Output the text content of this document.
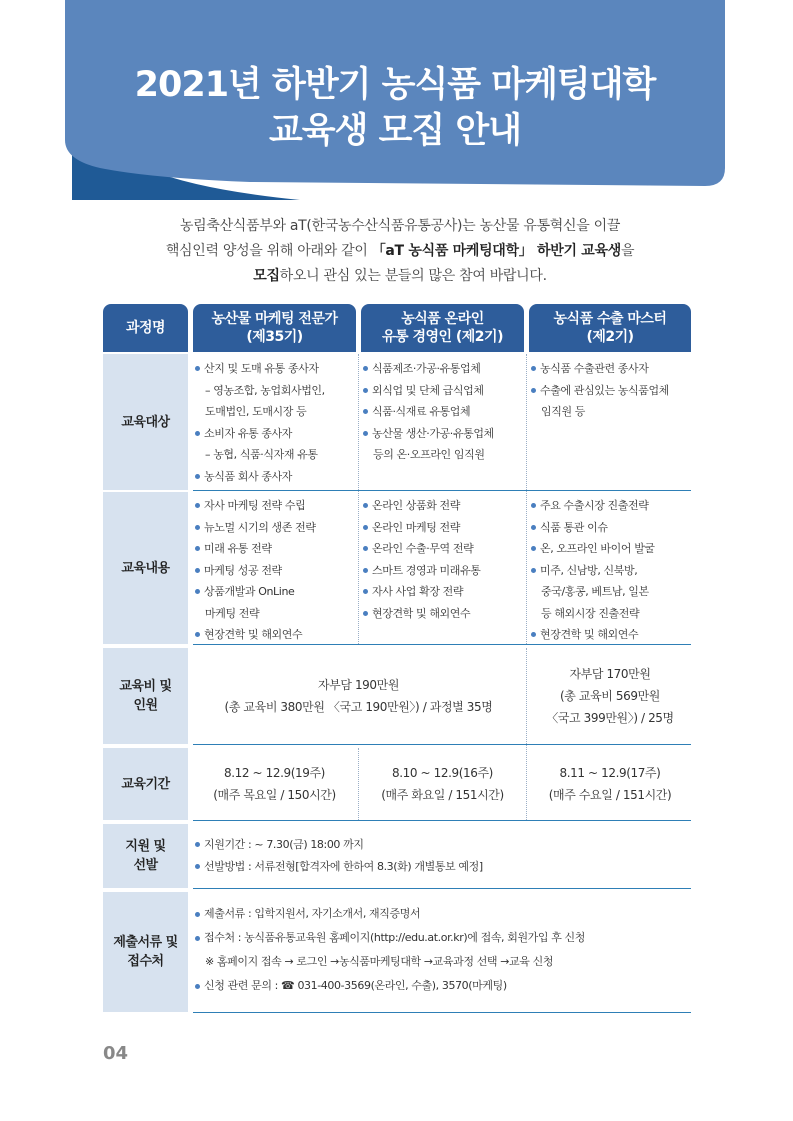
2021년 하반기 농식품 마케팅대학
교육생 모집 안내
농림축산식품부와 aT(한국농수산식품유통공사)는 농산물 유통혁신을 이끌
핵심인력 양성을 위해 아래와 같이 「aT 농식품 마케팅대학」 하반기 교육생을
모집하오니 관심 있는 분들의 많은 참여 바랍니다.
과정명
농산물 마케팅 전문가
(제35기)
농식품 온라인
유통 경영인 (제2기)
농식품 수출 마스터
(제2기)
교육대상
산지 및 도매 유통 종사자
– 영농조합, 농업회사법인,
도매법인, 도매시장 등
소비자 유통 종사자
– 농협, 식품·식자재 유통
농식품 회사 종사자
식품제조·가공·유통업체
외식업 및 단체 급식업체
식품·식재료 유통업체
농산물 생산·가공·유통업체
등의 온·오프라인 임직원
농식품 수출관련 종사자
수출에 관심있는 농식품업체
임직원 등
교육내용
자사 마케팅 전략 수립
뉴노멀 시기의 생존 전략
미래 유통 전략
마케팅 성공 전략
상품개발과 OnLine
마케팅 전략
현장견학 및 해외연수
온라인 상품화 전략
온라인 마케팅 전략
온라인 수출·무역 전략
스마트 경영과 미래유통
자사 사업 확장 전략
현장견학 및 해외연수
주요 수출시장 진출전략
식품 통관 이슈
온, 오프라인 바이어 발굴
미주, 신남방, 신북방,
중국/홍콩, 베트남, 일본
등 해외시장 진출전략
현장견학 및 해외연수
교육비 및
인원
자부담 190만원
(총 교육비 380만원 〈국고 190만원〉) / 과정별 35명
자부담 170만원
(총 교육비 569만원
〈국고 399만원〉) / 25명
교육기간
8.12 ~ 12.9(19주)
(매주 목요일 / 150시간)
8.10 ~ 12.9(16주)
(매주 화요일 / 151시간)
8.11 ~ 12.9(17주)
(매주 수요일 / 151시간)
지원 및
선발
지원기간 : ~ 7.30(금) 18:00 까지
선발방법 : 서류전형[합격자에 한하여 8.3(화) 개별통보 예정]
제출서류 및
접수처
제출서류 : 입학지원서, 자기소개서, 재직증명서
접수처 : 농식품유통교육원 홈페이지(http://edu.at.or.kr)에 접속, 회원가입 후 신청
※ 홈페이지 접속 → 로그인 →농식품마케팅대학 →교육과정 선택 →교육 신청
신청 관련 문의 : ☎ 031-400-3569(온라인, 수출), 3570(마케팅)
04
